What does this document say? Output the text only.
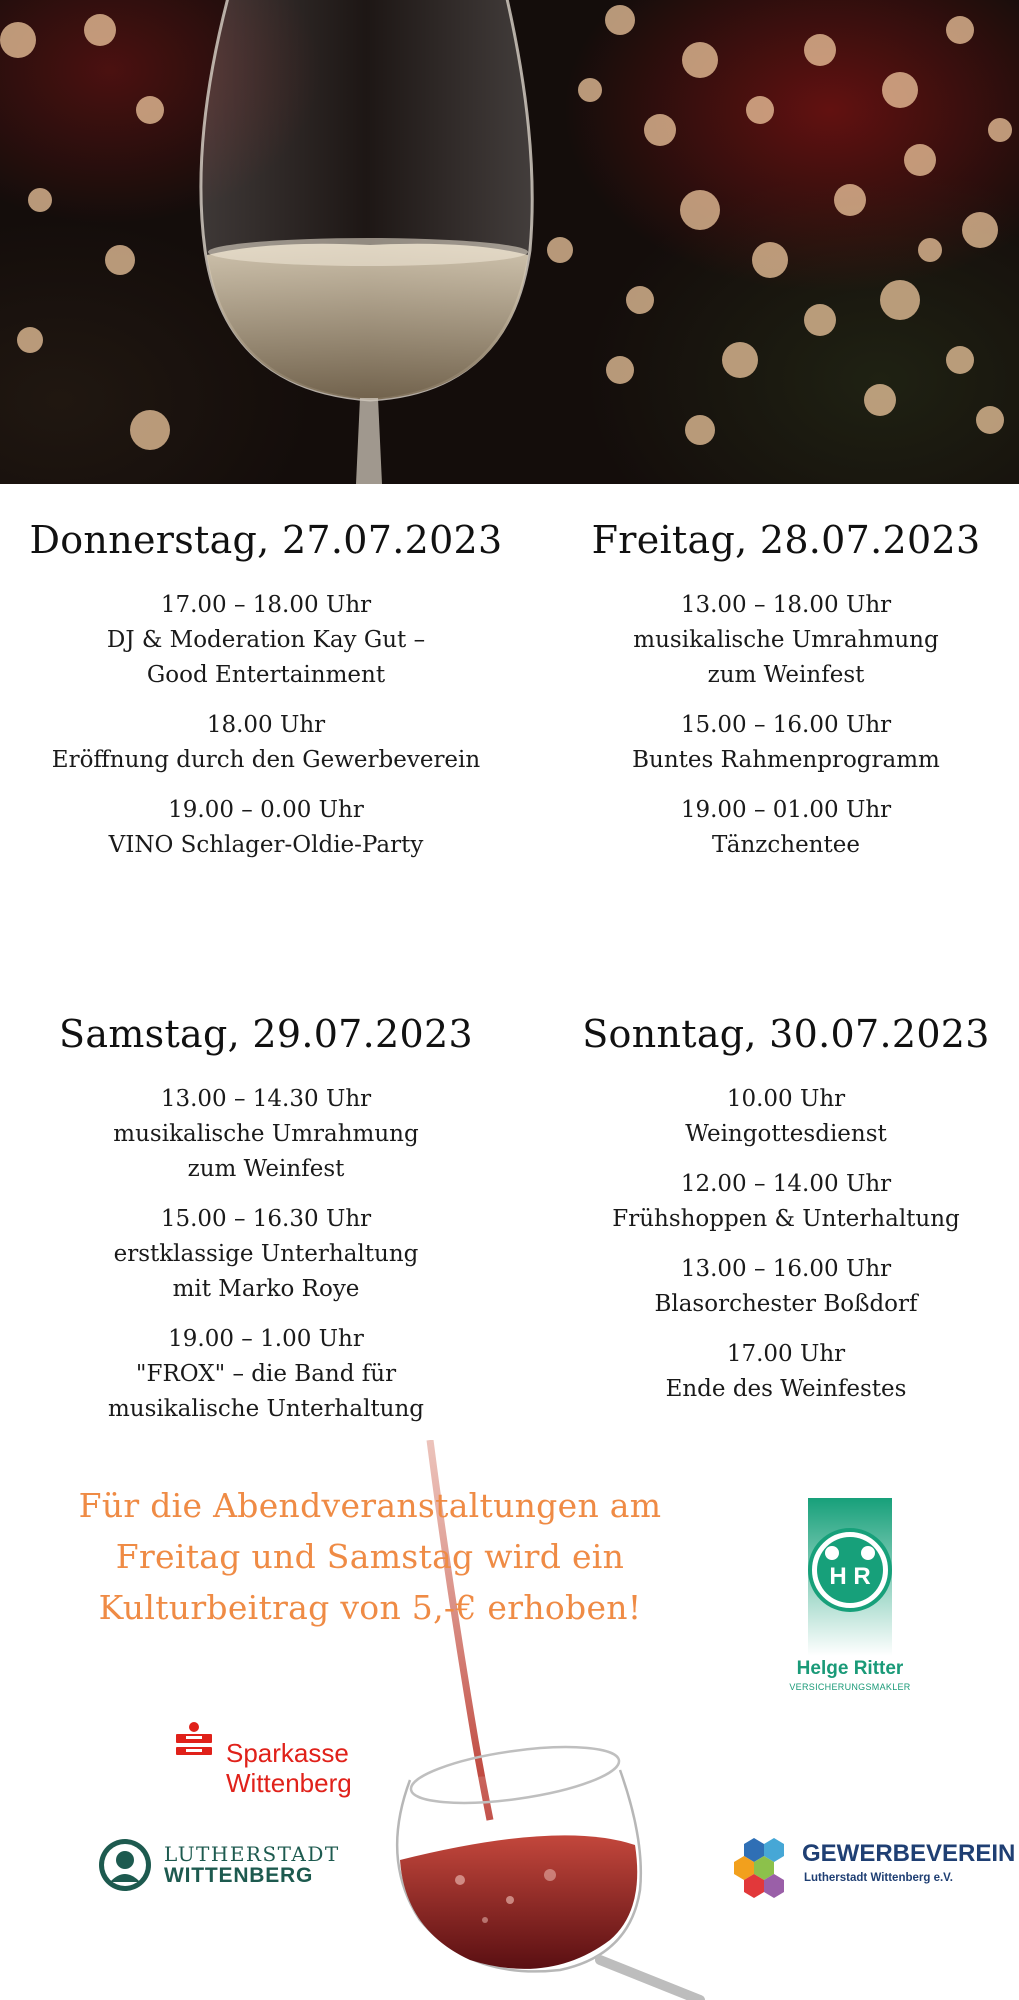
Donnerstag, 27.07.2023
17.00 – 18.00 Uhr
DJ & Moderation Kay Gut –
Good Entertainment
18.00 Uhr
Eröffnung durch den Gewerbeverein
19.00 – 0.00 Uhr
VINO Schlager-Oldie-Party
Freitag, 28.07.2023
13.00 – 18.00 Uhr
musikalische Umrahmung
zum Weinfest
15.00 – 16.00 Uhr
Buntes Rahmenprogramm
19.00 – 01.00 Uhr
Tänzchentee
Samstag, 29.07.2023
13.00 – 14.30 Uhr
musikalische Umrahmung
zum Weinfest
15.00 – 16.30 Uhr
erstklassige Unterhaltung
mit Marko Roye
19.00 – 1.00 Uhr
"FROX" – die Band für
musikalische Unterhaltung
Sonntag, 30.07.2023
10.00 Uhr
Weingottesdienst
12.00 – 14.00 Uhr
Frühshoppen & Unterhaltung
13.00 – 16.00 Uhr
Blasorchester Boßdorf
17.00 Uhr
Ende des Weinfestes
Für die Abendveranstaltungen am
Freitag und Samstag wird ein
Kulturbeitrag von 5,-€ erhoben!
H R
Helge Ritter
VERSICHERUNGSMAKLER
Sparkasse
Wittenberg
LUTHERSTADT
WITTENBERG
GEWERBEVEREIN
Lutherstadt Wittenberg e.V.
